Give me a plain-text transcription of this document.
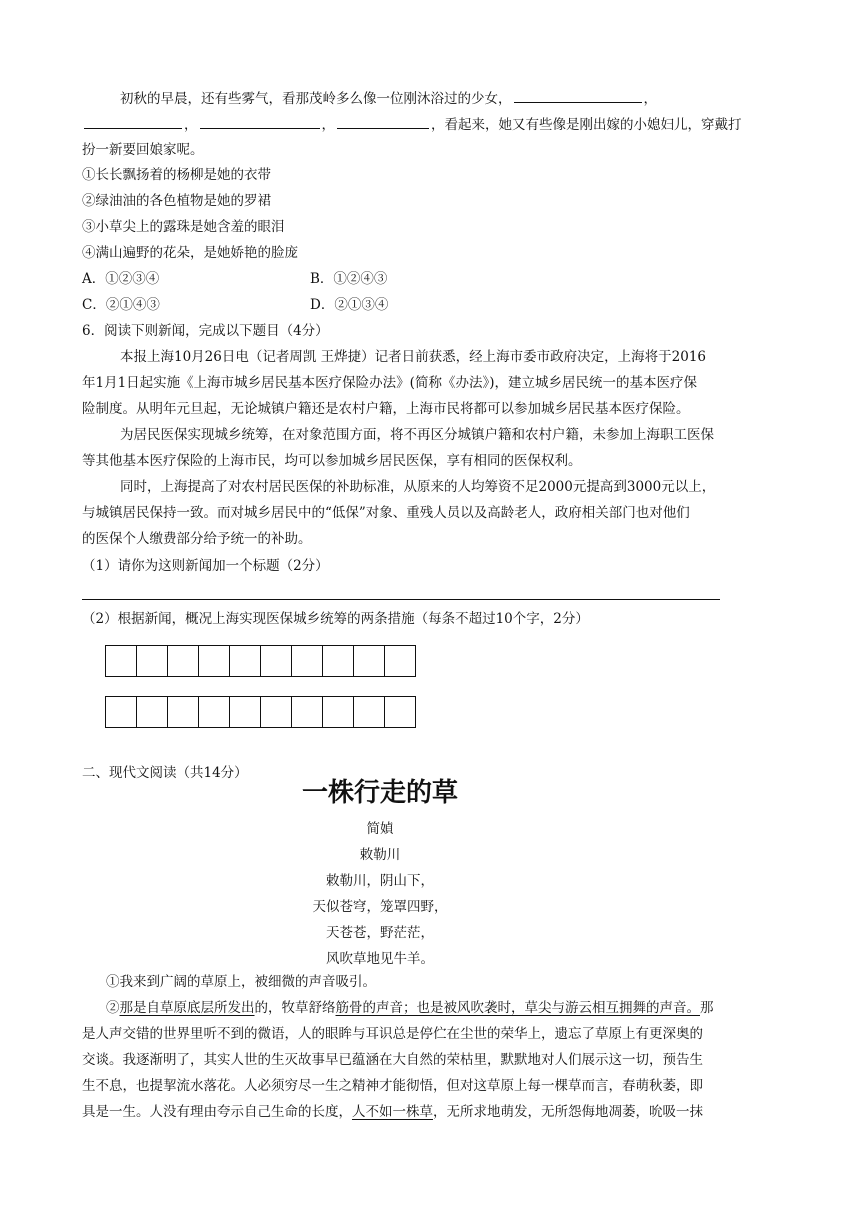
初秋的早晨，还有些雾气，看那茂岭多么像一位刚沐浴过的少女，	，
，	，	，看起来，她又有些像是刚出嫁的小媳妇儿，穿戴打
扮一新要回娘家呢。
①长长飘扬着的杨柳是她的衣带
②绿油油的各色植物是她的罗裙
③小草尖上的露珠是她含羞的眼泪
④满山遍野的花朵，是她娇艳的脸庞
A．①②③④	B．①②④③
C．②①④③	D．②①③④
6．阅读下则新闻，完成以下题目（4分）
本报上海10月26日电（记者周凯 王烨捷）记者日前获悉，经上海市委市政府决定，上海将于2016
年1月1日起实施《上海市城乡居民基本医疗保险办法》(简称《办法》)，建立城乡居民统一的基本医疗保
险制度。从明年元旦起，无论城镇户籍还是农村户籍，上海市民将都可以参加城乡居民基本医疗保险。
为居民医保实现城乡统筹，在对象范围方面，将不再区分城镇户籍和农村户籍，未参加上海职工医保
等其他基本医疗保险的上海市民，均可以参加城乡居民医保，享有相同的医保权利。
同时，上海提高了对农村居民医保的补助标准，从原来的人均筹资不足2000元提高到3000元以上，
与城镇居民保持一致。而对城乡居民中的“低保”对象、重残人员以及高龄老人，政府相关部门也对他们
的医保个人缴费部分给予统一的补助。
（1）请你为这则新闻加一个标题（2分）
（2）根据新闻，概况上海实现医保城乡统筹的两条措施（每条不超过10个字，2分）
二、现代文阅读（共14分）
一株行走的草
简媜
敕勒川
敕勒川，阴山下，
天似苍穹，笼罩四野，
天苍苍，野茫茫，
风吹草地见牛羊。
①我来到广阔的草原上，被细微的声音吸引。
②那是自草原底层所发出的，牧草舒络筋骨的声音；也是被风吹袭时，草尖与游云相互拥舞的声音。那
是人声交错的世界里听不到的微语，人的眼眸与耳识总是停伫在尘世的荣华上，遗忘了草原上有更深奥的
交谈。我逐渐明了，其实人世的生灭故事早已蕴涵在大自然的荣枯里，默默地对人们展示这一切，预告生
生不息，也提挈流水落花。人必须穷尽一生之精神才能彻悟，但对这草原上每一棵草而言，春萌秋萎，即
具是一生。人没有理由夸示自己生命的长度，人不如一株草，无所求地萌发，无所怨侮地凋萎，吮吸一抹
